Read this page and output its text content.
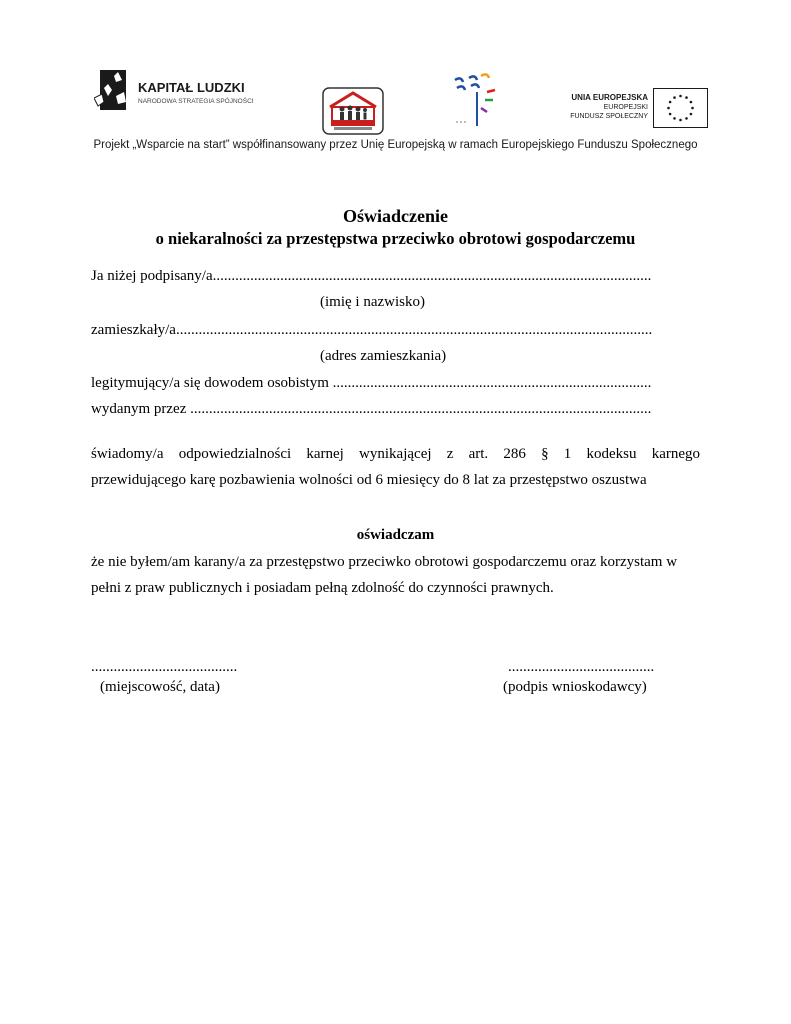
KAPITAŁ LUDZKI
NARODOWA STRATEGIA SPÓJNOŚCI	UNIA EUROPEJSKA
EUROPEJSKI
FUNDUSZ SPOŁECZNY
Projekt „Wsparcie na start” współfinansowany przez Unię Europejską w ramach Europejskiego Funduszu Społecznego
Oświadczenie
o niekaralności za przestępstwa przeciwko obrotowi gospodarczemu
Ja niżej podpisany/a.....................................................................................................................
(imię i nazwisko)
zamieszkały/a...............................................................................................................................
(adres zamieszkania)
legitymujący/a się dowodem osobistym .....................................................................................
wydanym przez ...........................................................................................................................
świadomy/a odpowiedzialności karnej wynikającej z art. 286 § 1 kodeksu karnego
przewidującego karę pozbawienia wolności od 6 miesięcy do 8 lat za przestępstwo oszustwa
oświadczam
że nie byłem/am karany/a za przestępstwo przeciwko obrotowi gospodarczemu oraz korzystam w
pełni z praw publicznych i posiadam pełną zdolność do czynności prawnych.
.......................................
(miejscowość, data)
.......................................
(podpis wnioskodawcy)
